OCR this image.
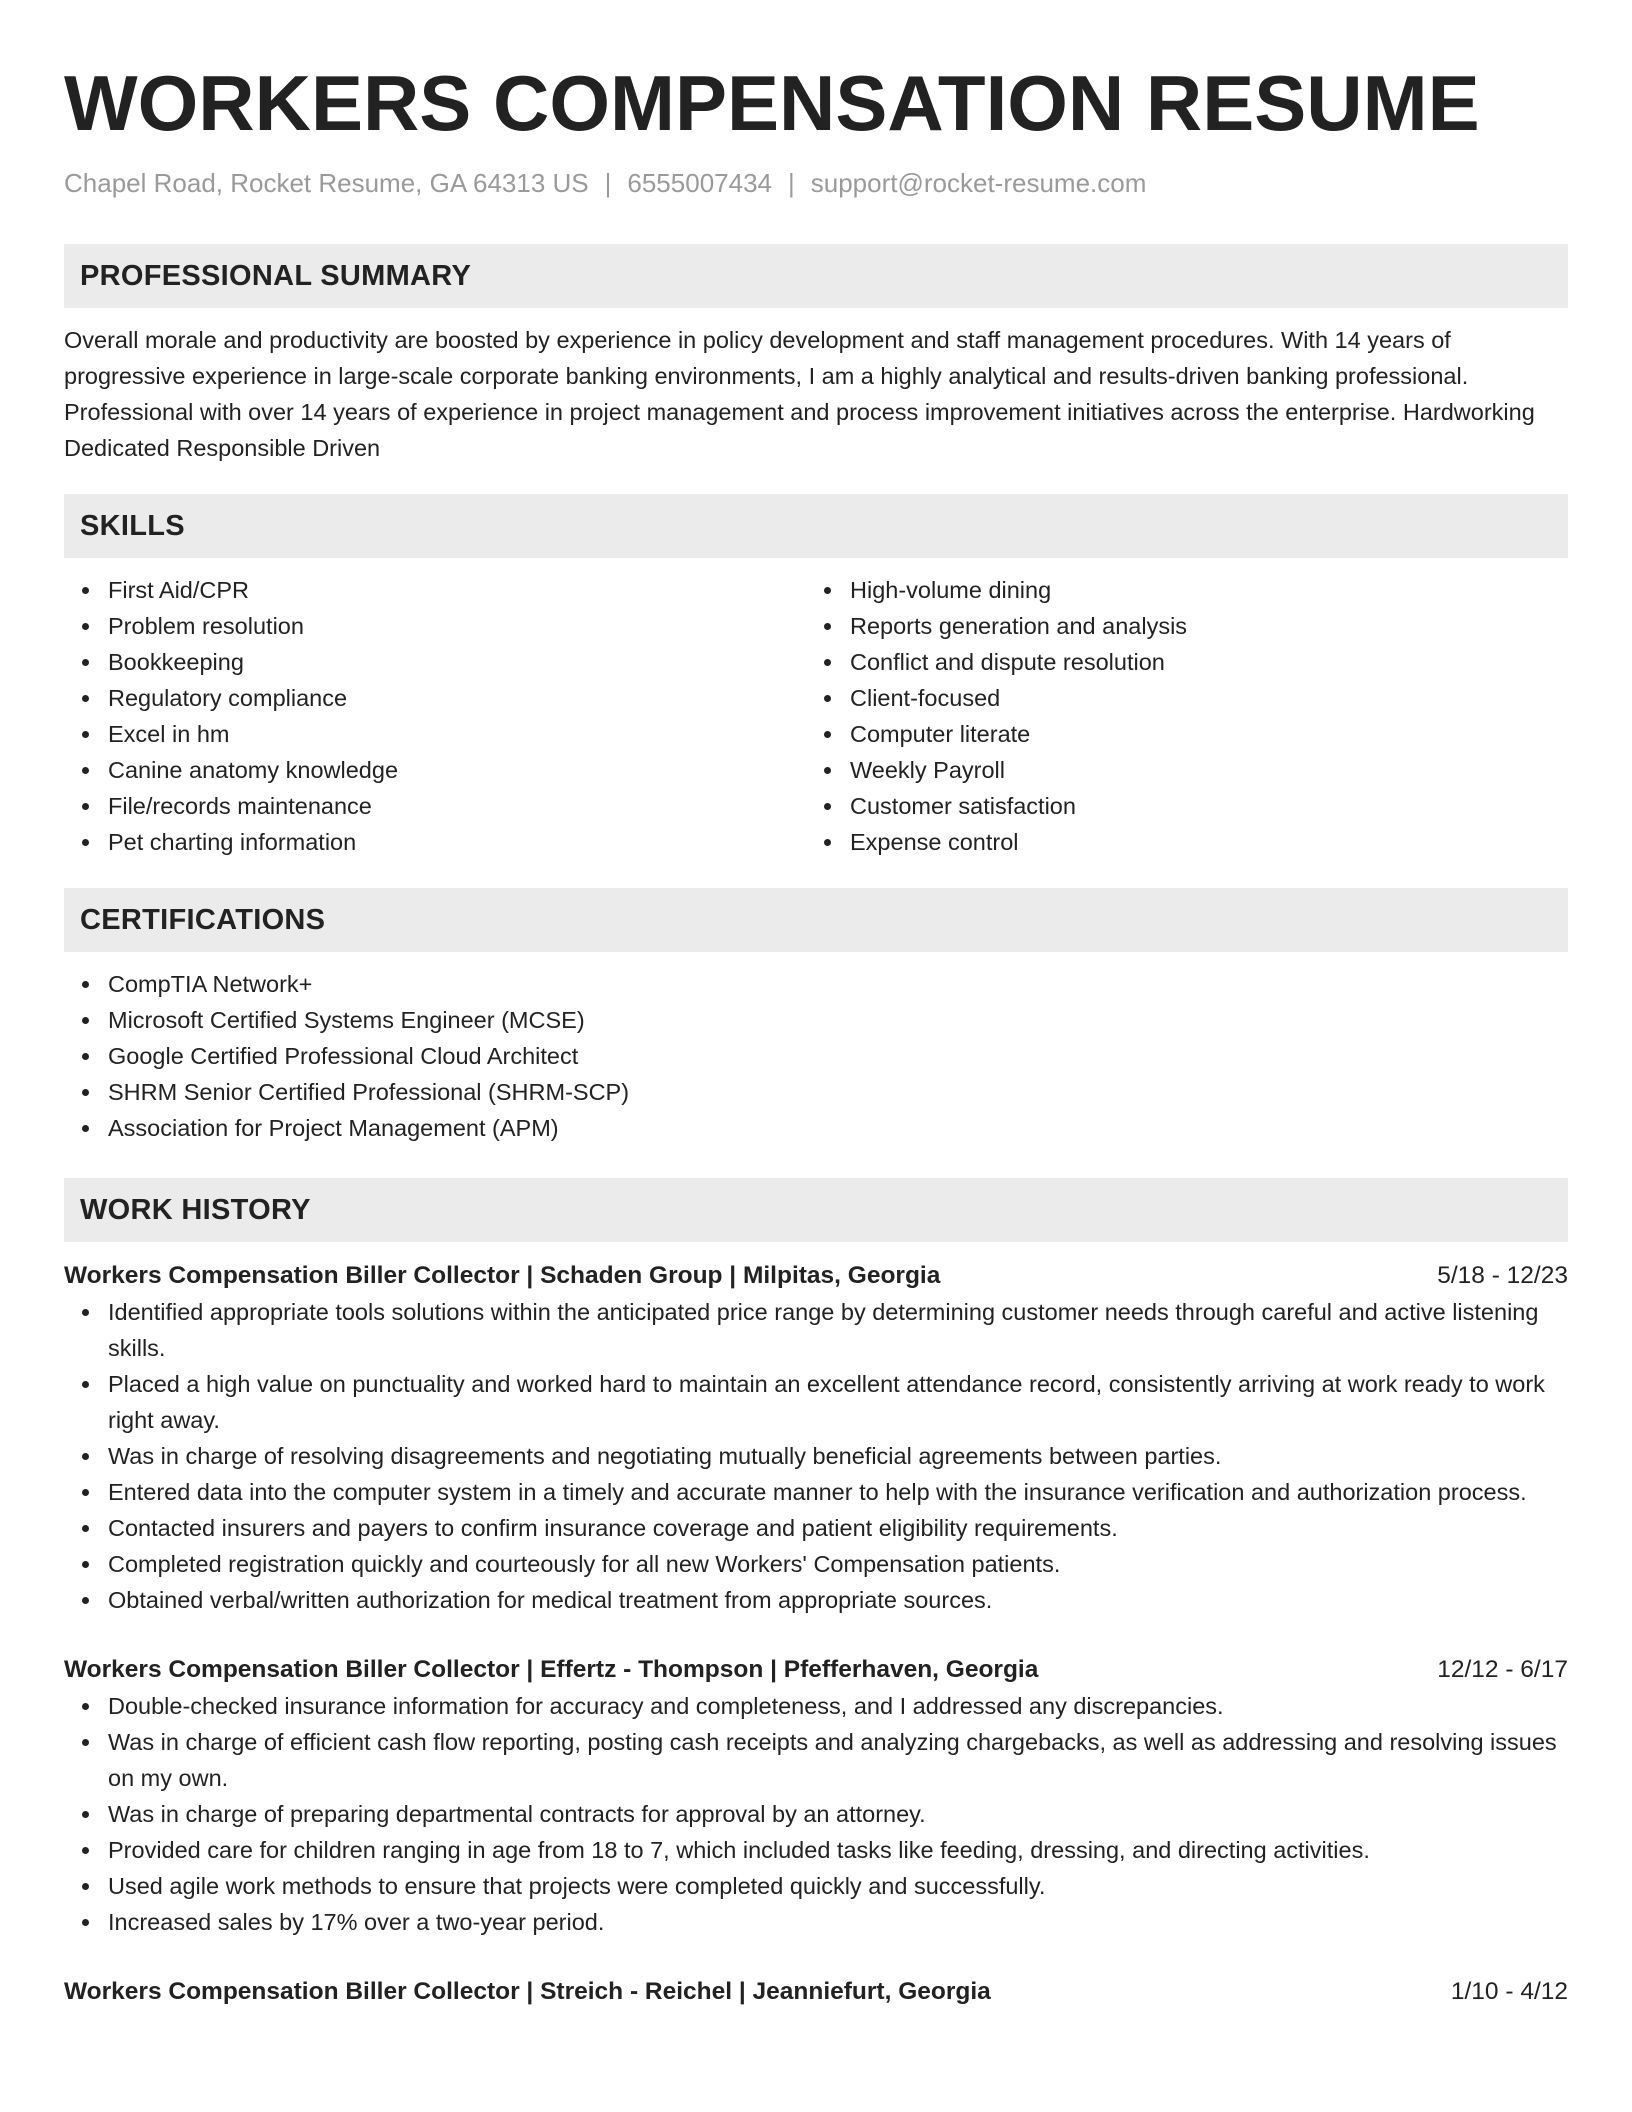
WORKERS COMPENSATION RESUME
Chapel Road, Rocket Resume, GA 64313 US | 6555007434 | support@rocket-resume.com
PROFESSIONAL SUMMARY

Overall morale and productivity are boosted by experience in policy development and staff management procedures. With 14 years of progressive experience in large-scale corporate banking environments, I am a highly analytical and results-driven banking professional. Professional with over 14 years of experience in project management and process improvement initiatives across the enterprise. Hardworking Dedicated Responsible Driven

SKILLS
First Aid/CPR
Problem resolution
Bookkeeping
Regulatory compliance
Excel in hm
Canine anatomy knowledge
File/records maintenance
Pet charting information
High-volume dining
Reports generation and analysis
Conflict and dispute resolution
Client-focused
Computer literate
Weekly Payroll
Customer satisfaction
Expense control
CERTIFICATIONS
CompTIA Network+
Microsoft Certified Systems Engineer (MCSE)
Google Certified Professional Cloud Architect
SHRM Senior Certified Professional (SHRM-SCP)
Association for Project Management (APM)
WORK HISTORY
Workers Compensation Biller Collector | Schaden Group | Milpitas, Georgia	5/18 - 12/23
Identified appropriate tools solutions within the anticipated price range by determining customer needs through careful and active listening skills.
Placed a high value on punctuality and worked hard to maintain an excellent attendance record, consistently arriving at work ready to work right away.
Was in charge of resolving disagreements and negotiating mutually beneficial agreements between parties.
Entered data into the computer system in a timely and accurate manner to help with the insurance verification and authorization process.
Contacted insurers and payers to confirm insurance coverage and patient eligibility requirements.
Completed registration quickly and courteously for all new Workers' Compensation patients.
Obtained verbal/written authorization for medical treatment from appropriate sources.
Workers Compensation Biller Collector | Effertz - Thompson | Pfefferhaven, Georgia	12/12 - 6/17
Double-checked insurance information for accuracy and completeness, and I addressed any discrepancies.
Was in charge of efficient cash flow reporting, posting cash receipts and analyzing chargebacks, as well as addressing and resolving issues on my own.
Was in charge of preparing departmental contracts for approval by an attorney.
Provided care for children ranging in age from 18 to 7, which included tasks like feeding, dressing, and directing activities.
Used agile work methods to ensure that projects were completed quickly and successfully.
Increased sales by 17% over a two-year period.
Workers Compensation Biller Collector | Streich - Reichel | Jeanniefurt, Georgia	1/10 - 4/12
